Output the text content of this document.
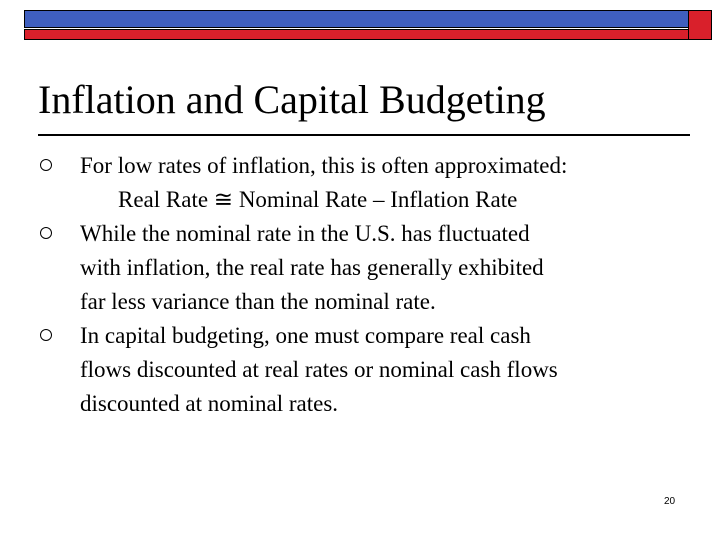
Inflation and Capital Budgeting
For low rates of inflation, this is often approximated:
Real Rate ≅ Nominal Rate – Inflation Rate
While the nominal rate in the U.S. has fluctuated
with inflation, the real rate has generally exhibited
far less variance than the nominal rate.
In capital budgeting, one must compare real cash
flows discounted at real rates or nominal cash flows
discounted at nominal rates.
20
